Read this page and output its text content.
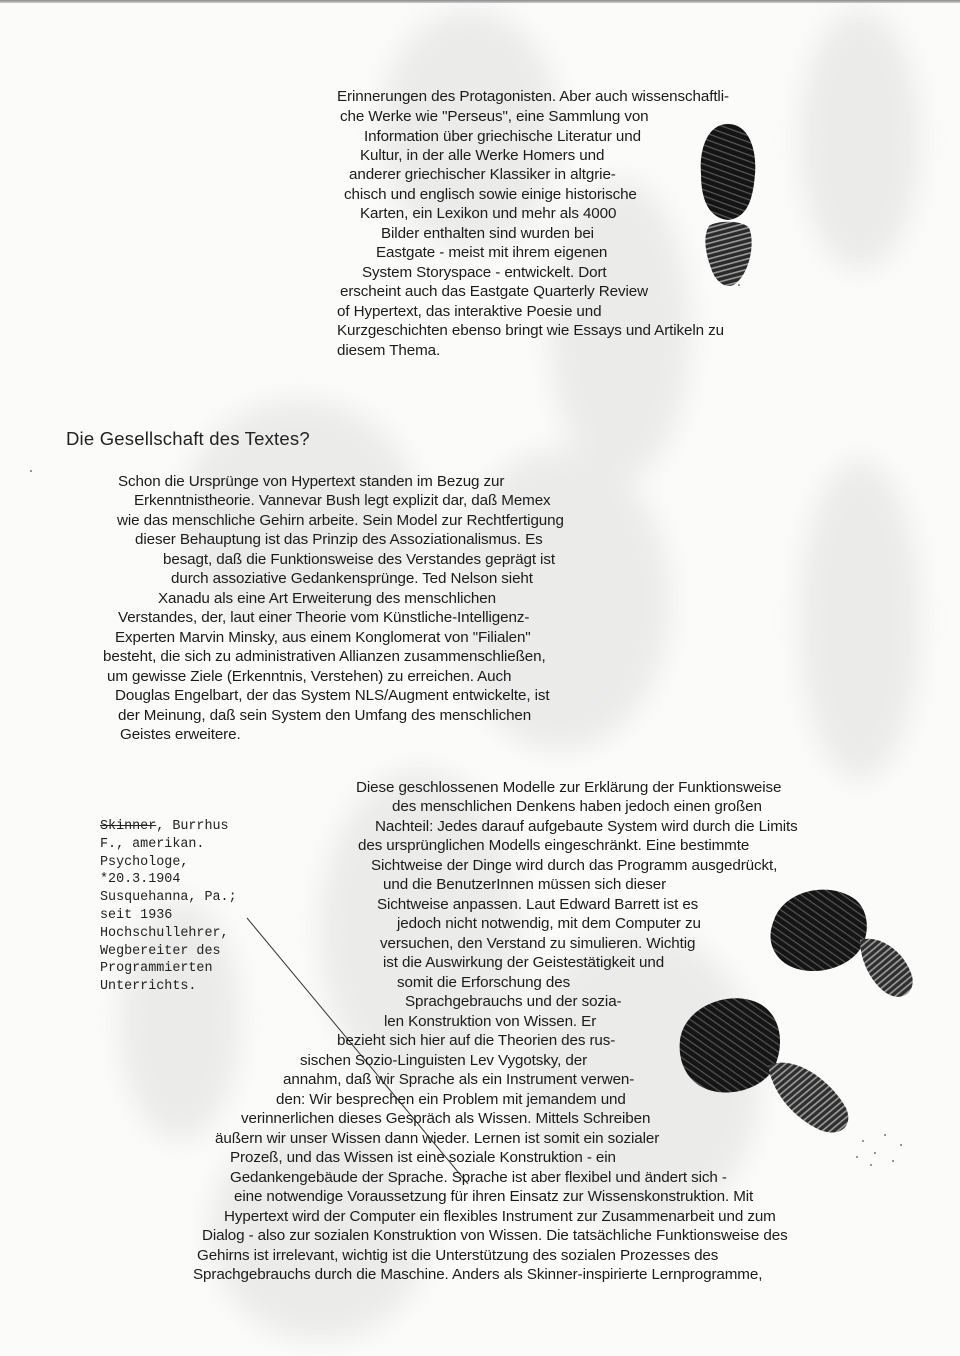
Erinnerungen des Protagonisten. Aber auch wissenschaftli-
che Werke wie "Perseus", eine Sammlung von
Information über griechische Literatur und
Kultur, in der alle Werke Homers und
anderer griechischer Klassiker in altgrie-
chisch und englisch sowie einige historische
Karten, ein Lexikon und mehr als 4000
Bilder enthalten sind wurden bei
Eastgate - meist mit ihrem eigenen
System Storyspace - entwickelt. Dort
erscheint auch das Eastgate Quarterly Review
of Hypertext, das interaktive Poesie und
Kurzgeschichten ebenso bringt wie Essays und Artikeln zu
diesem Thema.
Die Gesellschaft des Textes?
Schon die Ursprünge von Hypertext standen im Bezug zur
Erkenntnistheorie. Vannevar Bush legt explizit dar, daß Memex
wie das menschliche Gehirn arbeite. Sein Model zur Rechtfertigung
dieser Behauptung ist das Prinzip des Assoziationalismus. Es
besagt, daß die Funktionsweise des Verstandes geprägt ist
durch assoziative Gedankensprünge. Ted Nelson sieht
Xanadu als eine Art Erweiterung des menschlichen
Verstandes, der, laut einer Theorie vom Künstliche-Intelligenz-
Experten Marvin Minsky, aus einem Konglomerat von "Filialen"
besteht, die sich zu administrativen Allianzen zusammenschließen,
um gewisse Ziele (Erkenntnis, Verstehen) zu erreichen. Auch
Douglas Engelbart, der das System NLS/Augment entwickelte, ist
der Meinung, daß sein System den Umfang des menschlichen
Geistes erweitere.
Skinner, Burrhus
F., amerikan.
Psychologe,
*20.3.1904
Susquehanna, Pa.;
seit 1936
Hochschullehrer,
Wegbereiter des
Programmierten
Unterrichts.
Diese geschlossenen Modelle zur Erklärung der Funktionsweise
des menschlichen Denkens haben jedoch einen großen
Nachteil: Jedes darauf aufgebaute System wird durch die Limits
des ursprünglichen Modells eingeschränkt. Eine bestimmte
Sichtweise der Dinge wird durch das Programm ausgedrückt,
und die BenutzerInnen müssen sich dieser
Sichtweise anpassen. Laut Edward Barrett ist es
jedoch nicht notwendig, mit dem Computer zu
versuchen, den Verstand zu simulieren. Wichtig
ist die Auswirkung der Geistestätigkeit und
somit die Erforschung des
Sprachgebrauchs und der sozia-
len Konstruktion von Wissen. Er
bezieht sich hier auf die Theorien des rus-
sischen Sozio-Linguisten Lev Vygotsky, der
annahm, daß wir Sprache als ein Instrument verwen-
den: Wir besprechen ein Problem mit jemandem und
verinnerlichen dieses Gespräch als Wissen. Mittels Schreiben
äußern wir unser Wissen dann wieder. Lernen ist somit ein sozialer
Prozeß, und das Wissen ist eine soziale Konstruktion - ein
Gedankengebäude der Sprache. Sprache ist aber flexibel und ändert sich -
eine notwendige Voraussetzung für ihren Einsatz zur Wissenskonstruktion. Mit
Hypertext wird der Computer ein flexibles Instrument zur Zusammenarbeit und zum
Dialog - also zur sozialen Konstruktion von Wissen. Die tatsächliche Funktionsweise des
Gehirns ist irrelevant, wichtig ist die Unterstützung des sozialen Prozesses des
Sprachgebrauchs durch die Maschine. Anders als Skinner-inspirierte Lernprogramme,
